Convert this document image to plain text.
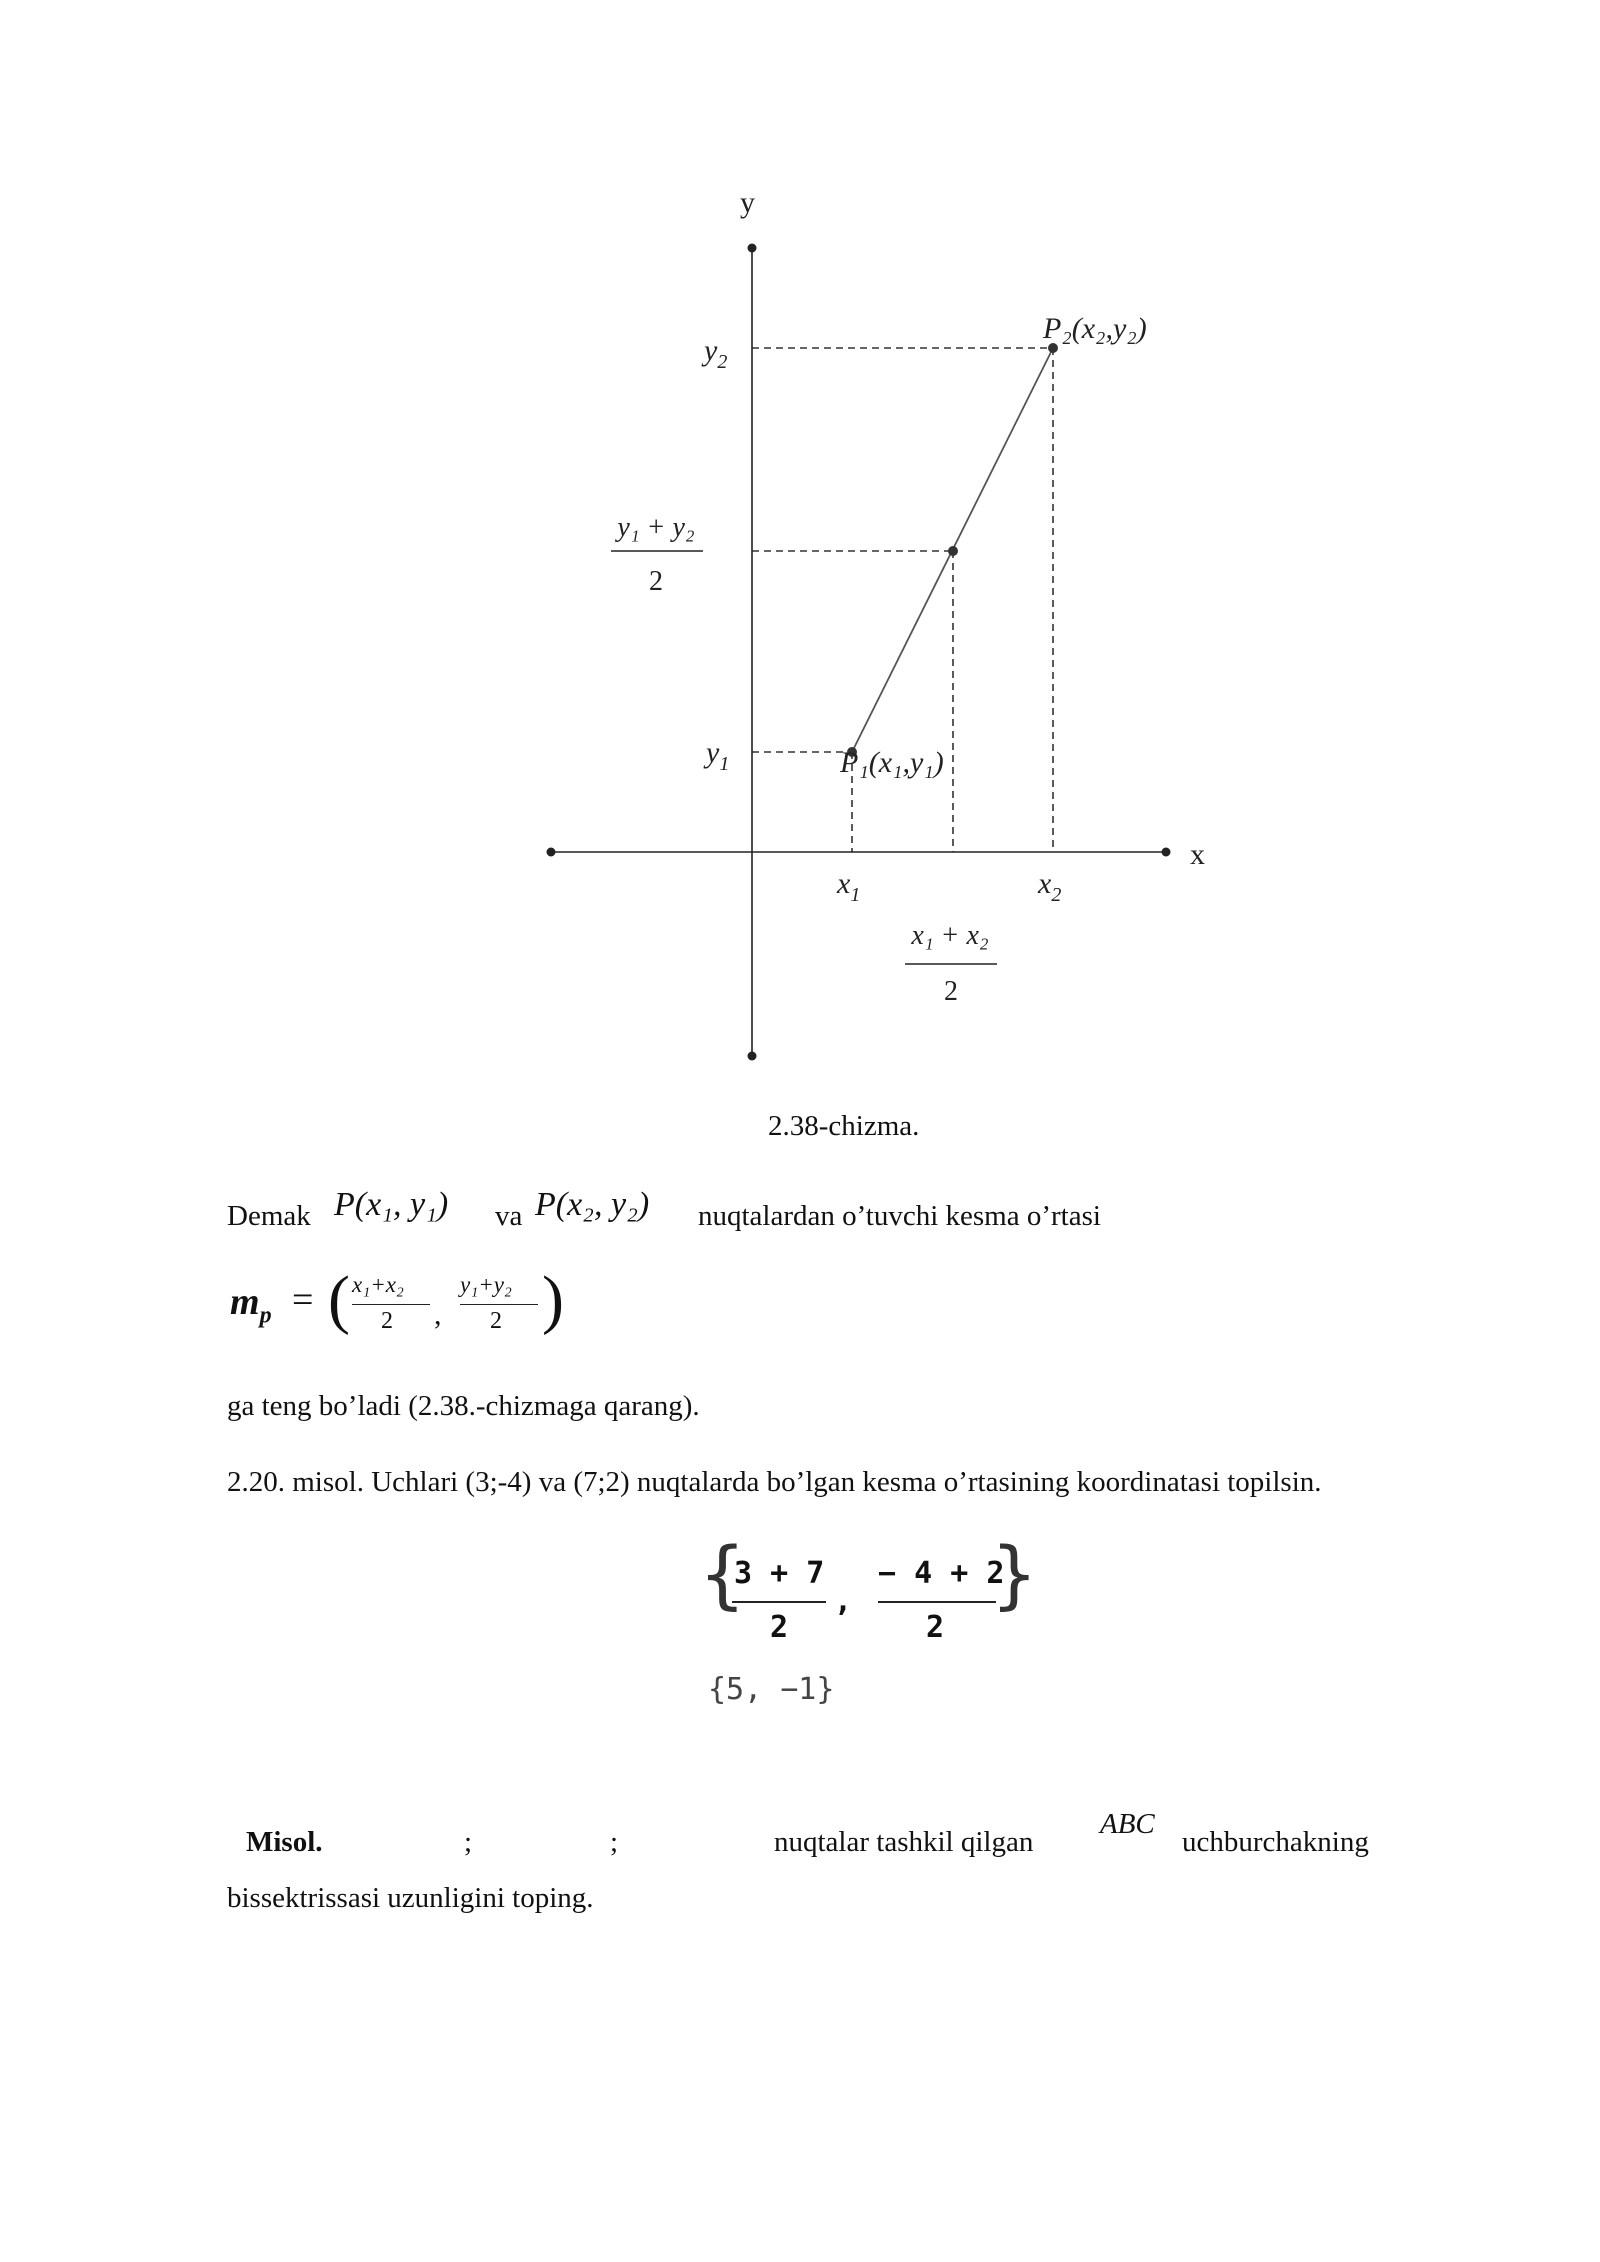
y
x
$y_2$
$y_1$
y₁ + y₂
2
$x_1$	$x_2$
x₁ + x₂
2
P₂(x₂,y₂)
P₁(x₁,y₁)
2.38-chizma.
Demak P(x₁, y₁) va P(x₂, y₂) nuqtalardan o’tuvchi kesma o’rtasi
$m_p$ = ( x₁+x₂
2 ,
y₁+y₂
2 )
ga teng bo’ladi (2.38.-chizmaga qarang).
2.20. misol. Uchlari (3;-4) va (7;2) nuqtalarda bo’lgan kesma o’rtasining koordinatasi topilsin.
{
3 + 7
2
,
− 4 + 2
2
}
{5, −1}
Misol.	;	;	nuqtalar tashkil qilgan
ABC
uchburchakning
bissektrissasi uzunligini toping.
